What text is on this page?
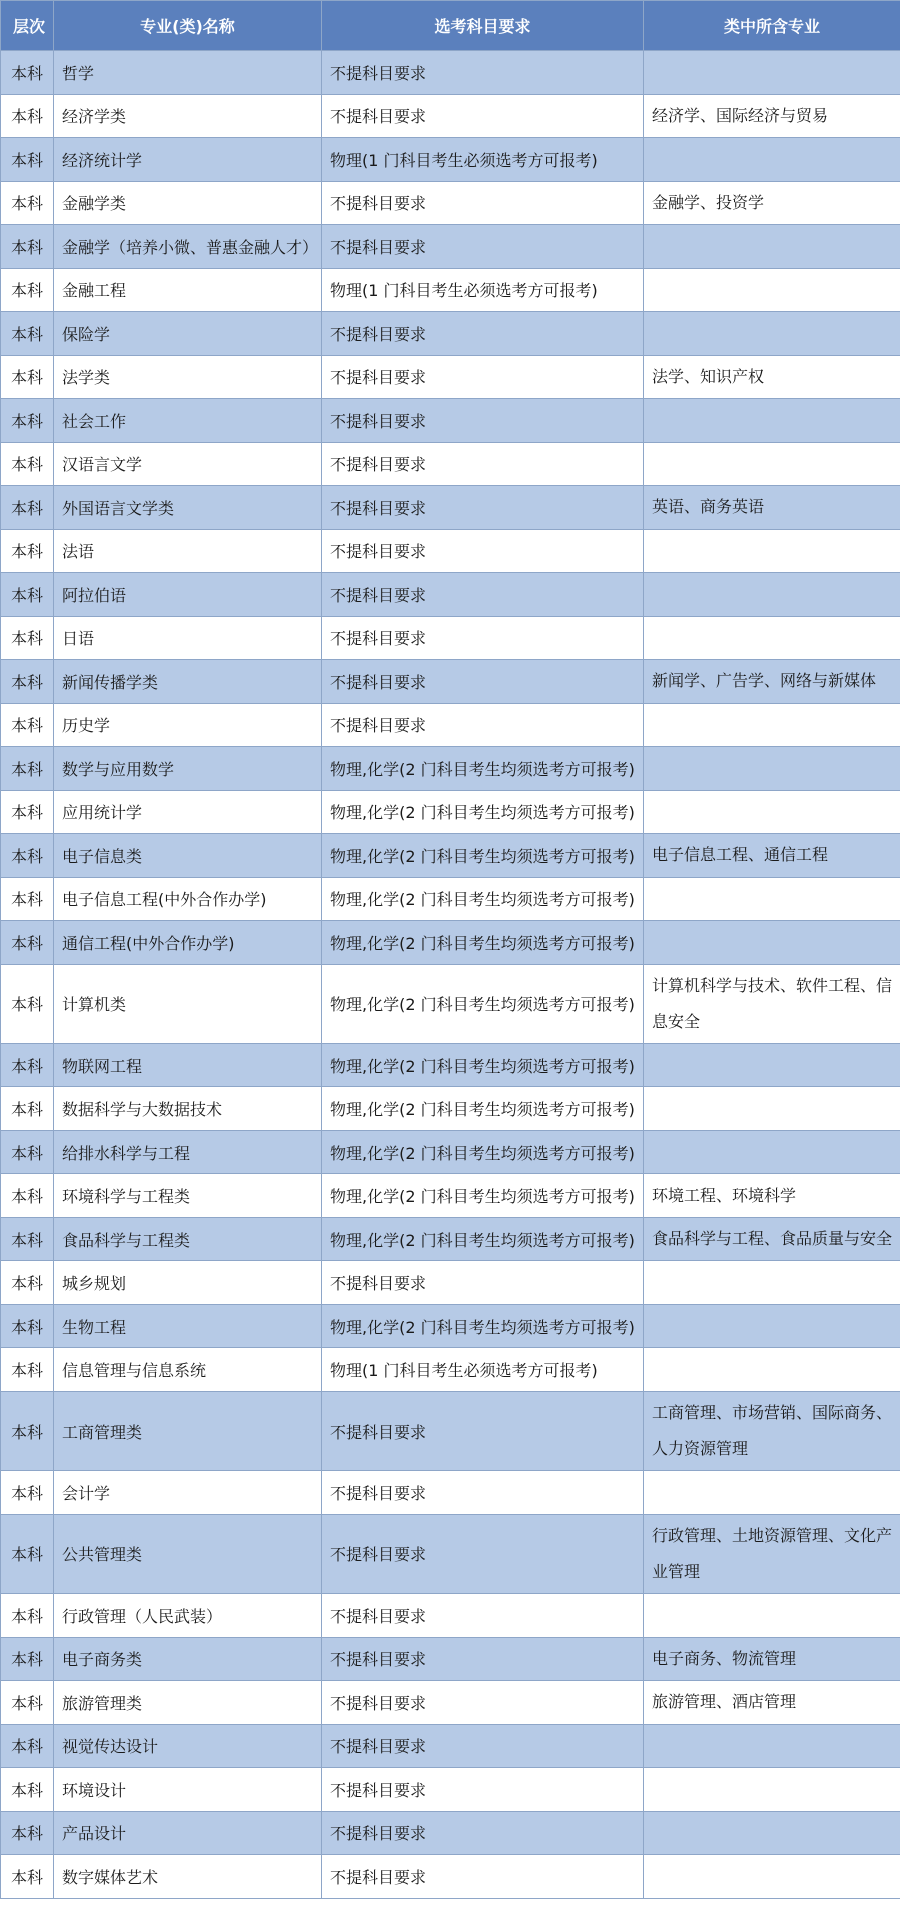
层次	专业(类)名称	选考科目要求	类中所含专业
本科	哲学	不提科目要求	
本科	经济学类	不提科目要求	经济学、国际经济与贸易
本科	经济统计学	物理(1 门科目考生必须选考方可报考)	
本科	金融学类	不提科目要求	金融学、投资学
本科	金融学（培养小微、普惠金融人才）	不提科目要求	
本科	金融工程	物理(1 门科目考生必须选考方可报考)	
本科	保险学	不提科目要求	
本科	法学类	不提科目要求	法学、知识产权
本科	社会工作	不提科目要求	
本科	汉语言文学	不提科目要求	
本科	外国语言文学类	不提科目要求	英语、商务英语
本科	法语	不提科目要求	
本科	阿拉伯语	不提科目要求	
本科	日语	不提科目要求	
本科	新闻传播学类	不提科目要求	新闻学、广告学、网络与新媒体
本科	历史学	不提科目要求	
本科	数学与应用数学	物理,化学(2 门科目考生均须选考方可报考)	
本科	应用统计学	物理,化学(2 门科目考生均须选考方可报考)	
本科	电子信息类	物理,化学(2 门科目考生均须选考方可报考)	电子信息工程、通信工程
本科	电子信息工程(中外合作办学)	物理,化学(2 门科目考生均须选考方可报考)	
本科	通信工程(中外合作办学)	物理,化学(2 门科目考生均须选考方可报考)	
本科	计算机类	物理,化学(2 门科目考生均须选考方可报考)	计算机科学与技术、软件工程、信息安全
本科	物联网工程	物理,化学(2 门科目考生均须选考方可报考)	
本科	数据科学与大数据技术	物理,化学(2 门科目考生均须选考方可报考)	
本科	给排水科学与工程	物理,化学(2 门科目考生均须选考方可报考)	
本科	环境科学与工程类	物理,化学(2 门科目考生均须选考方可报考)	环境工程、环境科学
本科	食品科学与工程类	物理,化学(2 门科目考生均须选考方可报考)	食品科学与工程、食品质量与安全
本科	城乡规划	不提科目要求	
本科	生物工程	物理,化学(2 门科目考生均须选考方可报考)	
本科	信息管理与信息系统	物理(1 门科目考生必须选考方可报考)	
本科	工商管理类	不提科目要求	工商管理、市场营销、国际商务、人力资源管理
本科	会计学	不提科目要求	
本科	公共管理类	不提科目要求	行政管理、土地资源管理、文化产业管理
本科	行政管理（人民武装）	不提科目要求	
本科	电子商务类	不提科目要求	电子商务、物流管理
本科	旅游管理类	不提科目要求	旅游管理、酒店管理
本科	视觉传达设计	不提科目要求	
本科	环境设计	不提科目要求	
本科	产品设计	不提科目要求	
本科	数字媒体艺术	不提科目要求	
